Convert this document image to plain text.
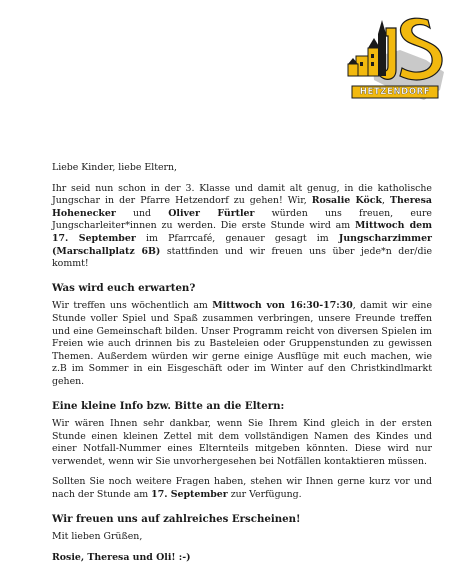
HETZENDORF

Liebe Kinder, liebe Eltern,

Ihr seid nun schon in der 3. Klasse und damit alt genug, in die katholische Jungschar in der Pfarre Hetzendorf zu gehen! Wir, Rosalie Köck, Theresa Hohenecker und Oliver Fürtler würden uns freuen, eure Jungscharleiter*innen zu werden. Die erste Stunde wird am Mittwoch dem 17. September im Pfarrcafé, genauer gesagt im Jungscharzimmer (Marschallplatz 6B) stattfinden und wir freuen uns über jede*n der/die kommt!

Was wird euch erwarten?

Wir treffen uns wöchentlich am Mittwoch von 16:30-17:30, damit wir eine Stunde voller Spiel und Spaß zusammen verbringen, unsere Freunde treffen und eine Gemeinschaft bilden. Unser Programm reicht von diversen Spielen im Freien wie auch drinnen bis zu Basteleien oder Gruppenstunden zu gewissen Themen. Außerdem würden wir gerne einige Ausflüge mit euch machen, wie z.B im Sommer in ein Eisgeschäft oder im Winter auf den Christkindlmarkt gehen.

Eine kleine Info bzw. Bitte an die Eltern:

Wir wären Ihnen sehr dankbar, wenn Sie Ihrem Kind gleich in der ersten Stunde einen kleinen Zettel mit dem vollständigen Namen des Kindes und einer Notfall-Nummer eines Elternteils mitgeben könnten. Diese wird nur verwendet, wenn wir Sie unvorhergesehen bei Notfällen kontaktieren müssen.

Sollten Sie noch weitere Fragen haben, stehen wir Ihnen gerne kurz vor und nach der Stunde am 17. September zur Verfügung.

Wir freuen uns auf zahlreiches Erscheinen!

Mit lieben Grüßen,

Rosie, Theresa und Oli! :-)
